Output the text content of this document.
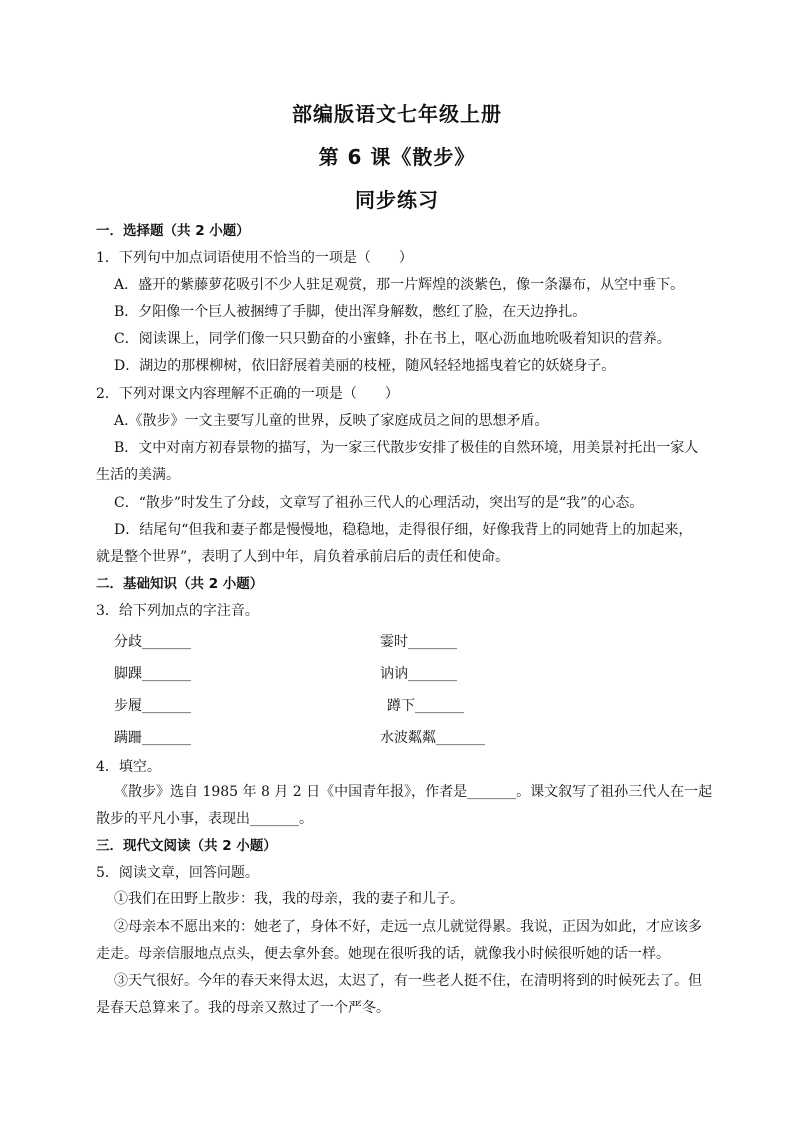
部编版语文七年级上册
第 6 课《散步》
同步练习
一．选择题（共 2 小题）
1．下列句中加点词语使用不恰当的一项是（　　）
A．盛开的紫藤萝花吸引不少人驻足观赏，那一片辉煌的淡紫色，像一条瀑布，从空中垂下。
B．夕阳像一个巨人被捆缚了手脚，使出浑身解数，憋红了脸，在天边挣扎。
C．阅读课上，同学们像一只只勤奋的小蜜蜂，扑在书上，呕心沥血地吮吸着知识的营养。
D．湖边的那棵柳树，依旧舒展着美丽的枝桠，随风轻轻地摇曳着它的妖娆身子。
2．下列对课文内容理解不正确的一项是（　　）
A.《散步》一文主要写儿童的世界，反映了家庭成员之间的思想矛盾。
B．文中对南方初春景物的描写，为一家三代散步安排了极佳的自然环境，用美景衬托出一家人
生活的美满。
C．“散步”时发生了分歧，文章写了祖孙三代人的心理活动，突出写的是“我”的心态。
D．结尾句“但我和妻子都是慢慢地，稳稳地，走得很仔细，好像我背上的同她背上的加起来，
就是整个世界”，表明了人到中年，肩负着承前启后的责任和使命。
二．基础知识（共 2 小题）
3．给下列加点的字注音。
分歧_______	霎时_______
脚踝_______	讷讷_______
步履_______	蹲下_______
蹒跚_______	水波粼粼_______
4．填空。
《散步》选自 1985 年 8 月 2 日《中国青年报》，作者是_______。课文叙写了祖孙三代人在一起
散步的平凡小事，表现出_______。
三．现代文阅读（共 2 小题）
5．阅读文章，回答问题。
①我们在田野上散步：我，我的母亲，我的妻子和儿子。
②母亲本不愿出来的：她老了，身体不好，走远一点儿就觉得累。我说，正因为如此，才应该多
走走。母亲信服地点点头，便去拿外套。她现在很听我的话，就像我小时候很听她的话一样。
③天气很好。今年的春天来得太迟，太迟了，有一些老人挺不住，在清明将到的时候死去了。但
是春天总算来了。我的母亲又熬过了一个严冬。
